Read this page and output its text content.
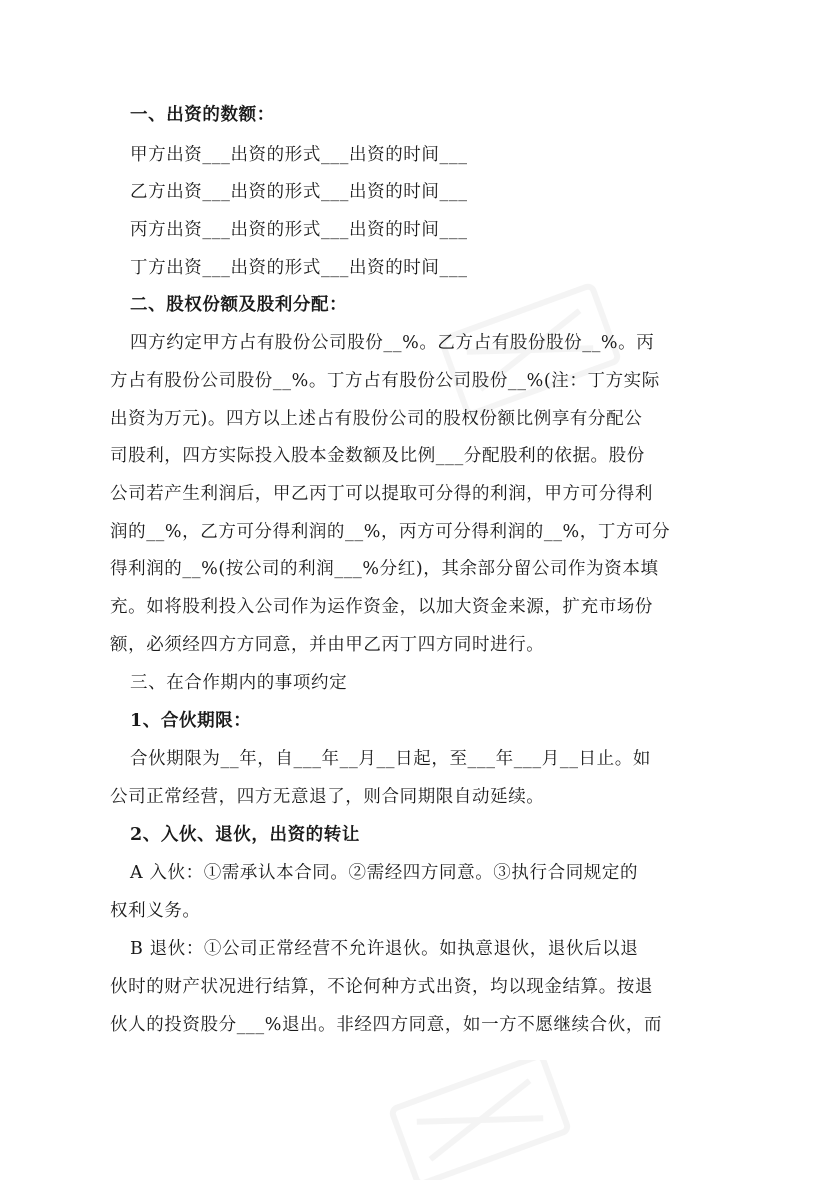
一、出资的数额：
甲方出资___出资的形式___出资的时间___
乙方出资___出资的形式___出资的时间___
丙方出资___出资的形式___出资的时间___
丁方出资___出资的形式___出资的时间___
二、股权份额及股利分配：
四方约定甲方占有股份公司股份__%。乙方占有股份股份__%。丙
方占有股份公司股份__%。丁方占有股份公司股份__%(注：丁方实际
出资为万元)。四方以上述占有股份公司的股权份额比例享有分配公
司股利，四方实际投入股本金数额及比例___分配股利的依据。股份
公司若产生利润后，甲乙丙丁可以提取可分得的利润，甲方可分得利
润的__%，乙方可分得利润的__%，丙方可分得利润的__%，丁方可分
得利润的__%(按公司的利润___%分红)，其余部分留公司作为资本填
充。如将股利投入公司作为运作资金，以加大资金来源，扩充市场份
额，必须经四方方同意，并由甲乙丙丁四方同时进行。
三、在合作期内的事项约定
1、合伙期限：
合伙期限为__年，自___年__月__日起，至___年___月__日止。如
公司正常经营，四方无意退了，则合同期限自动延续。
2、入伙、退伙，出资的转让
A 入伙：①需承认本合同。②需经四方同意。③执行合同规定的
权利义务。
B 退伙：①公司正常经营不允许退伙。如执意退伙，退伙后以退
伙时的财产状况进行结算，不论何种方式出资，均以现金结算。按退
伙人的投资股分___%退出。非经四方同意，如一方不愿继续合伙，而
